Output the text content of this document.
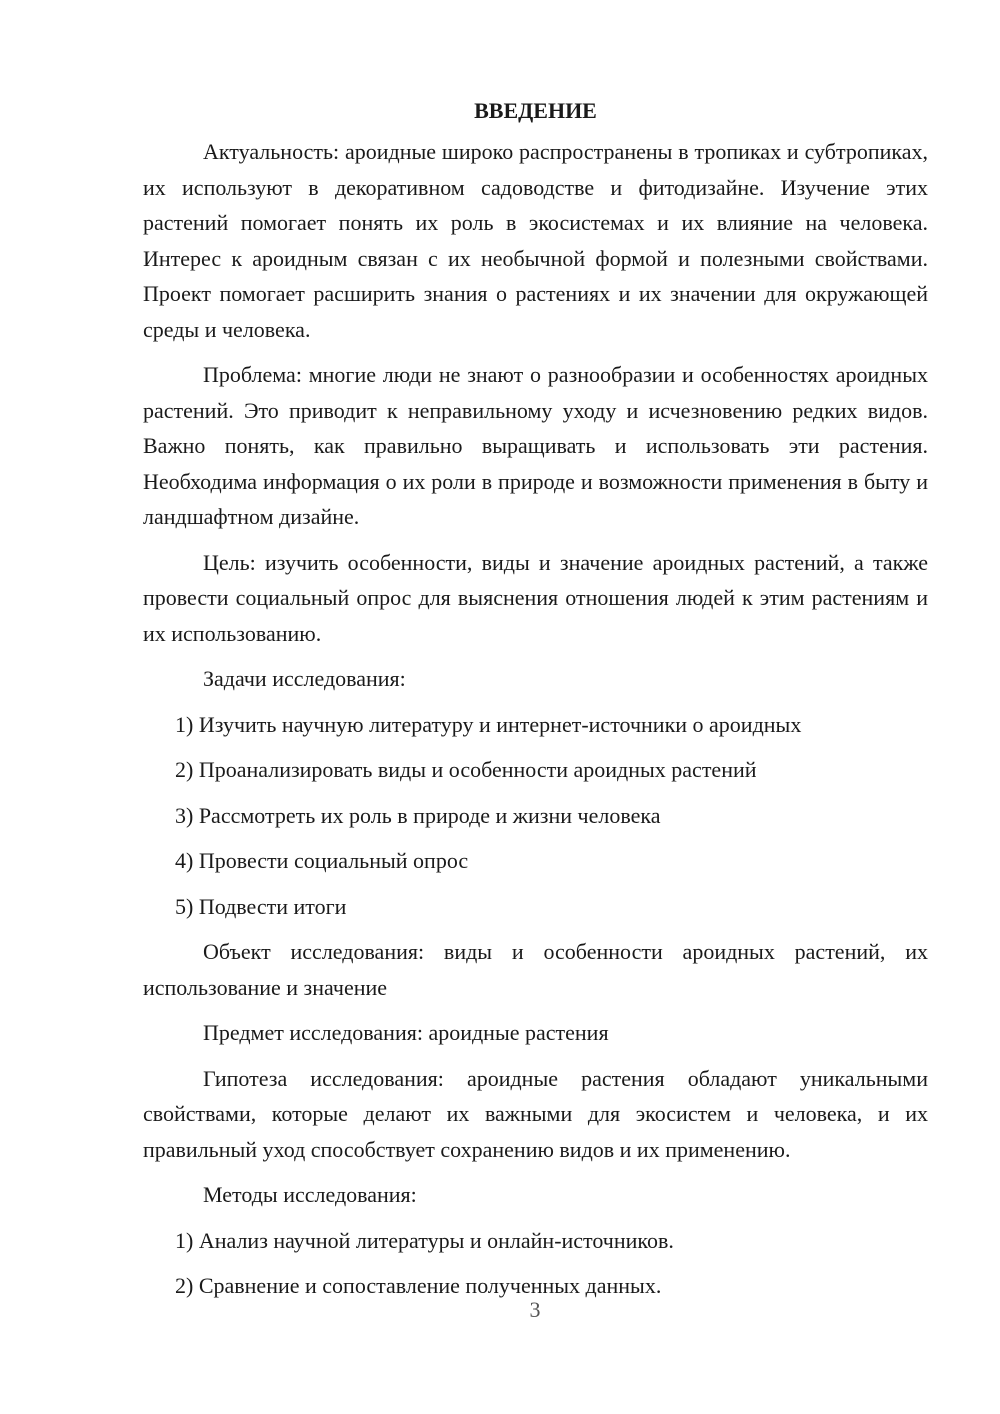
ВВЕДЕНИЕ

Актуальность: ароидные широко распространены в тропиках и субтропиках, их используют в декоративном садоводстве и фитодизайне. Изучение этих растений помогает понять их роль в экосистемах и их влияние на человека. Интерес к ароидным связан с их необычной формой и полезными свойствами. Проект помогает расширить знания о растениях и их значении для окружающей среды и человека.

Проблема: многие люди не знают о разнообразии и особенностях ароидных растений. Это приводит к неправильному уходу и исчезновению редких видов. Важно понять, как правильно выращивать и использовать эти растения. Необходима информация о их роли в природе и возможности применения в быту и ландшафтном дизайне.

Цель: изучить особенности, виды и значение ароидных растений, а также провести социальный опрос для выяснения отношения людей к этим растениям и их использованию.

Задачи исследования:
1) Изучить научную литературу и интернет-источники о ароидных
2) Проанализировать виды и особенности ароидных растений
3) Рассмотреть их роль в природе и жизни человека
4) Провести социальный опрос
5) Подвести итоги

Объект исследования: виды и особенности ароидных растений, их использование и значение

Предмет исследования: ароидные растения

Гипотеза исследования: ароидные растения обладают уникальными свойствами, которые делают их важными для экосистем и человека, и их правильный уход способствует сохранению видов и их применению.

Методы исследования:
1) Анализ научной литературы и онлайн-источников.
2) Сравнение и сопоставление полученных данных.
3
